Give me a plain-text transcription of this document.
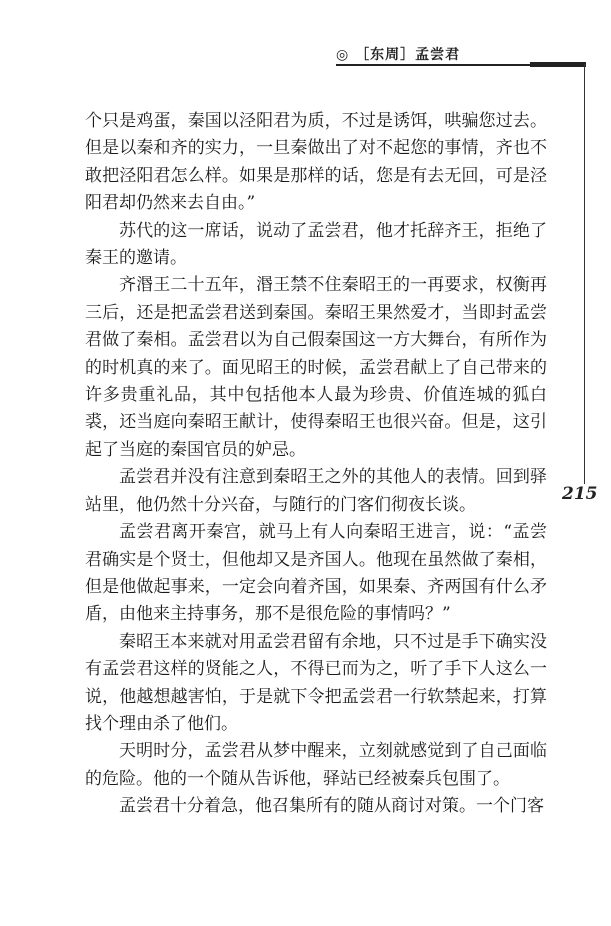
◎ ［东周］孟尝君
215

个只是鸡蛋，秦国以泾阳君为质，不过是诱饵，哄骗您过去。但是以秦和齐的实力，一旦秦做出了对不起您的事情，齐也不敢把泾阳君怎么样。如果是那样的话，您是有去无回，可是泾阳君却仍然来去自由。”

苏代的这一席话，说动了孟尝君，他才托辞齐王，拒绝了秦王的邀请。

齐湣王二十五年，湣王禁不住秦昭王的一再要求，权衡再三后，还是把孟尝君送到秦国。秦昭王果然爱才，当即封孟尝君做了秦相。孟尝君以为自己假秦国这一方大舞台，有所作为的时机真的来了。面见昭王的时候，孟尝君献上了自己带来的许多贵重礼品，其中包括他本人最为珍贵、价值连城的狐白裘，还当庭向秦昭王献计，使得秦昭王也很兴奋。但是，这引起了当庭的秦国官员的妒忌。

孟尝君并没有注意到秦昭王之外的其他人的表情。回到驿站里，他仍然十分兴奋，与随行的门客们彻夜长谈。

孟尝君离开秦宫，就马上有人向秦昭王进言，说：“孟尝君确实是个贤士，但他却又是齐国人。他现在虽然做了秦相，但是他做起事来，一定会向着齐国，如果秦、齐两国有什么矛盾，由他来主持事务，那不是很危险的事情吗？”

秦昭王本来就对用孟尝君留有余地，只不过是手下确实没有孟尝君这样的贤能之人，不得已而为之，听了手下人这么一说，他越想越害怕，于是就下令把孟尝君一行软禁起来，打算找个理由杀了他们。

天明时分，孟尝君从梦中醒来，立刻就感觉到了自己面临的危险。他的一个随从告诉他，驿站已经被秦兵包围了。

孟尝君十分着急，他召集所有的随从商讨对策。一个门客
